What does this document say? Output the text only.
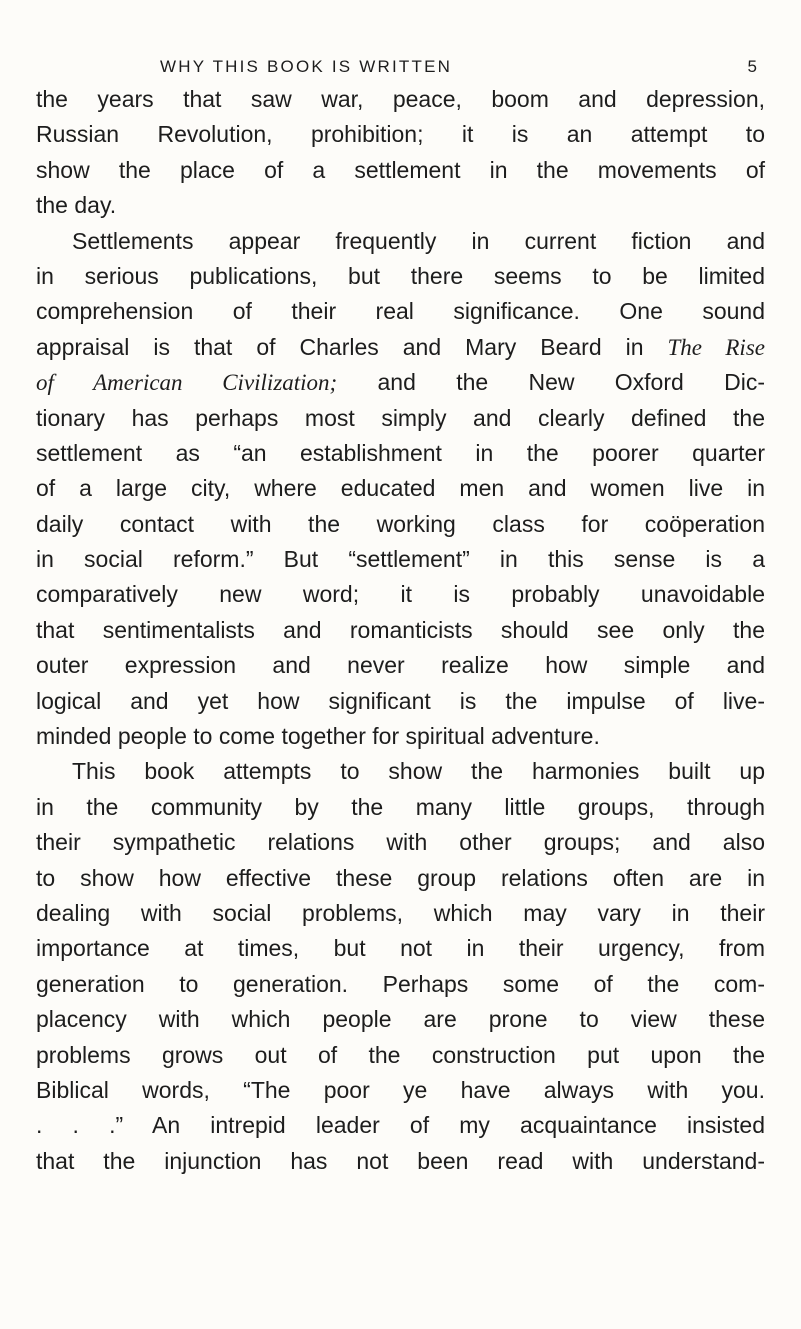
WHY THIS BOOK IS WRITTEN	5
the years that saw war, peace, boom and depression,
Russian Revolution, prohibition; it is an attempt to
show the place of a settlement in the movements of
the day.
Settlements appear frequently in current fiction and
in serious publications, but there seems to be limited
comprehension of their real significance. One sound
appraisal is that of Charles and Mary Beard in The Rise
of American Civilization; and the New Oxford Dic-
tionary has perhaps most simply and clearly defined the
settlement as “an establishment in the poorer quarter
of a large city, where educated men and women live in
daily contact with the working class for coöperation
in social reform.” But “settlement” in this sense is a
comparatively new word; it is probably unavoidable
that sentimentalists and romanticists should see only the
outer expression and never realize how simple and
logical and yet how significant is the impulse of live-
minded people to come together for spiritual adventure.
This book attempts to show the harmonies built up
in the community by the many little groups, through
their sympathetic relations with other groups; and also
to show how effective these group relations often are in
dealing with social problems, which may vary in their
importance at times, but not in their urgency, from
generation to generation. Perhaps some of the com-
placency with which people are prone to view these
problems grows out of the construction put upon the
Biblical words, “The poor ye have always with you.
. . .” An intrepid leader of my acquaintance insisted
that the injunction has not been read with understand-
